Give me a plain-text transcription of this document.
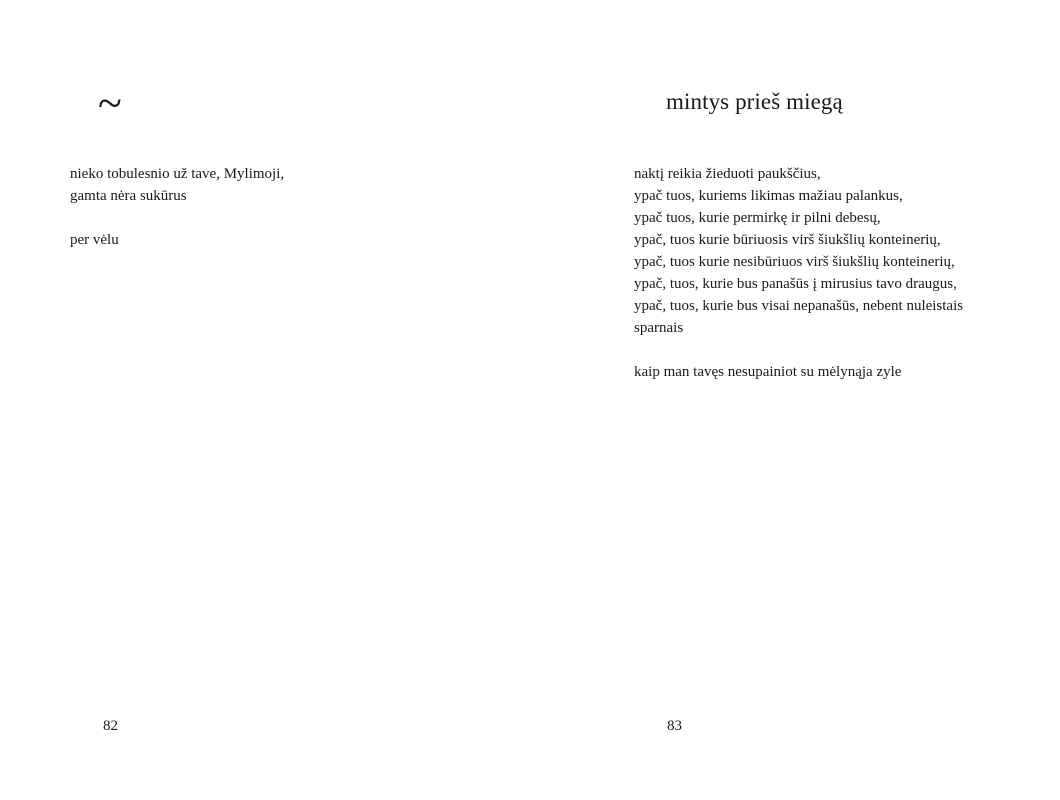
~

nieko tobulesnio už tave, Mylimoji,
gamta nėra sukūrus

per vėlu

82
mintys prieš miegą

naktį reikia žieduoti paukščius,
ypač tuos, kuriems likimas mažiau palankus,
ypač tuos, kurie permirkę ir pilni debesų,
ypač, tuos kurie būriuosis virš šiukšlių konteinerių,
ypač, tuos kurie nesibūriuos virš šiukšlių konteinerių,
ypač, tuos, kurie bus panašūs į mirusius tavo draugus,
ypač, tuos, kurie bus visai nepanašūs, nebent nuleistais
sparnais

kaip man tavęs nesupainiot su mėlynąja zyle

83
